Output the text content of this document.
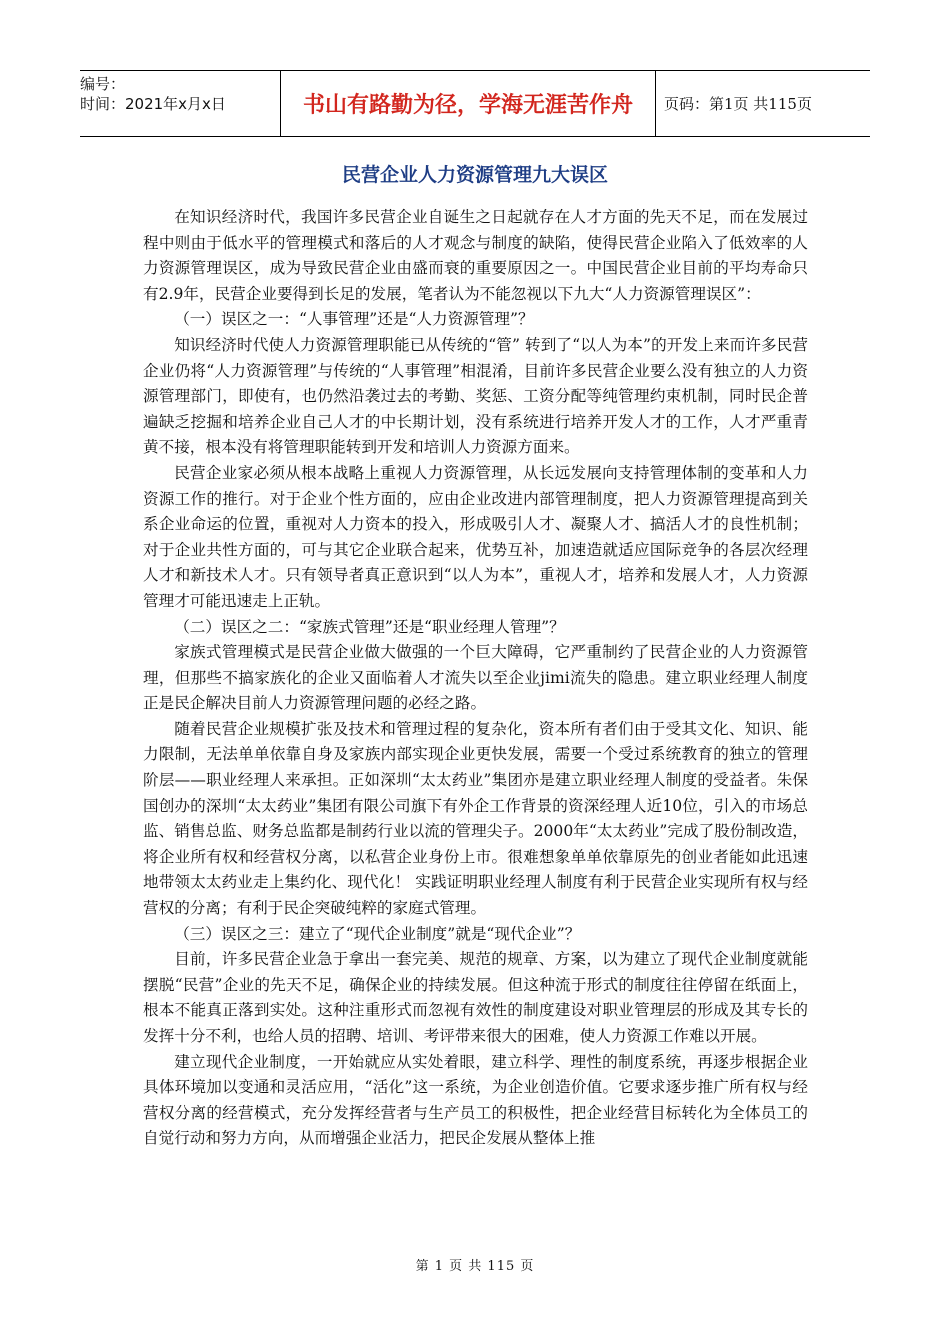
编号：
时间：2021年x月x日	书山有路勤为径，学海无涯苦作舟	页码：第1页 共115页
民营企业人力资源管理九大误区

在知识经济时代，我国许多民营企业自诞生之日起就存在人才方面的先天不足，而在发展过程中则由于低水平的管理模式和落后的人才观念与制度的缺陷，使得民营企业陷入了低效率的人力资源管理误区，成为导致民营企业由盛而衰的重要原因之一。中国民营企业目前的平均寿命只有2.9年，民营企业要得到长足的发展，笔者认为不能忽视以下九大“人力资源管理误区”：

（一）误区之一：“人事管理”还是“人力资源管理”？

知识经济时代使人力资源管理职能已从传统的“管” 转到了“以人为本”的开发上来而许多民营企业仍将“人力资源管理”与传统的“人事管理”相混淆，目前许多民营企业要么没有独立的人力资源管理部门，即使有，也仍然沿袭过去的考勤、奖惩、工资分配等纯管理约束机制，同时民企普遍缺乏挖掘和培养企业自己人才的中长期计划，没有系统进行培养开发人才的工作，人才严重青黄不接，根本没有将管理职能转到开发和培训人力资源方面来。

民营企业家必须从根本战略上重视人力资源管理，从长远发展向支持管理体制的变革和人力资源工作的推行。对于企业个性方面的，应由企业改进内部管理制度，把人力资源管理提高到关系企业命运的位置，重视对人力资本的投入，形成吸引人才、凝聚人才、搞活人才的良性机制；对于企业共性方面的，可与其它企业联合起来，优势互补，加速造就适应国际竞争的各层次经理人才和新技术人才。只有领导者真正意识到“以人为本”，重视人才，培养和发展人才，人力资源管理才可能迅速走上正轨。

（二）误区之二：“家族式管理”还是“职业经理人管理”？

家族式管理模式是民营企业做大做强的一个巨大障碍，它严重制约了民营企业的人力资源管理，但那些不搞家族化的企业又面临着人才流失以至企业jimi流失的隐患。建立职业经理人制度正是民企解决目前人力资源管理问题的必经之路。

随着民营企业规模扩张及技术和管理过程的复杂化，资本所有者们由于受其文化、知识、能力限制，无法单单依靠自身及家族内部实现企业更快发展，需要一个受过系统教育的独立的管理阶层——职业经理人来承担。正如深圳“太太药业”集团亦是建立职业经理人制度的受益者。朱保国创办的深圳“太太药业”集团有限公司旗下有外企工作背景的资深经理人近10位，引入的市场总监、销售总监、财务总监都是制药行业以流的管理尖子。2000年“太太药业”完成了股份制改造，将企业所有权和经营权分离，以私营企业身份上市。很难想象单单依靠原先的创业者能如此迅速地带领太太药业走上集约化、现代化！ 实践证明职业经理人制度有利于民营企业实现所有权与经营权的分离；有利于民企突破纯粹的家庭式管理。

（三）误区之三：建立了“现代企业制度”就是“现代企业”？

目前，许多民营企业急于拿出一套完美、规范的规章、方案，以为建立了现代企业制度就能摆脱“民营”企业的先天不足，确保企业的持续发展。但这种流于形式的制度往往停留在纸面上，根本不能真正落到实处。这种注重形式而忽视有效性的制度建设对职业管理层的形成及其专长的发挥十分不利，也给人员的招聘、培训、考评带来很大的困难，使人力资源工作难以开展。

建立现代企业制度，一开始就应从实处着眼，建立科学、理性的制度系统，再逐步根据企业具体环境加以变通和灵活应用，“活化”这一系统，为企业创造价值。它要求逐步推广所有权与经营权分离的经营模式，充分发挥经营者与生产员工的积极性，把企业经营目标转化为全体员工的自觉行动和努力方向，从而增强企业活力，把民企发展从整体上推

第 1 页 共 115 页
